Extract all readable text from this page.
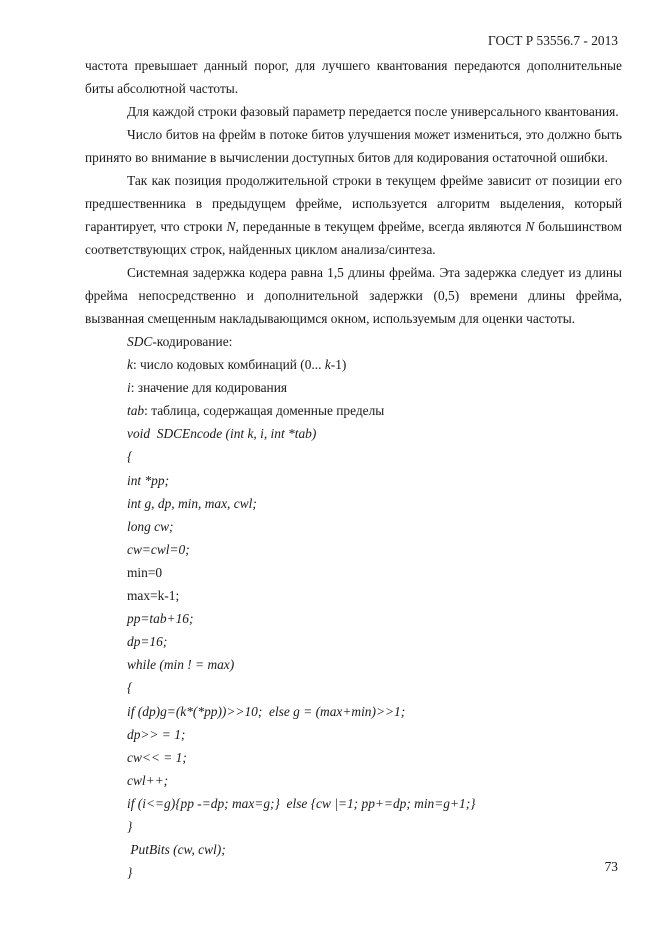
ГОСТ Р 53556.7 - 2013

частота превышает данный порог, для лучшего квантования передаются дополнительные биты абсолютной частоты.

Для каждой строки фазовый параметр передается после универсального квантования.

Число битов на фрейм в потоке битов улучшения может измениться, это должно быть принято во внимание в вычислении доступных битов для кодирования остаточной ошибки.

Так как позиция продолжительной строки в текущем фрейме зависит от позиции его предшественника в предыдущем фрейме, используется алгоритм выделения, который гарантирует, что строки N, переданные в текущем фрейме, всегда являются N большинством соответствующих строк, найденных циклом анализа/синтеза.

Системная задержка кодера равна 1,5 длины фрейма. Эта задержка следует из длины фрейма непосредственно и дополнительной задержки (0,5) времени длины фрейма, вызванная смещенным накладывающимся окном, используемым для оценки частоты.

SDC-кодирование:

k: число кодовых комбинаций (0... k-1)

i: значение для кодирования

tab: таблица, содержащая доменные пределы

void  SDCEncode (int k, i, int *tab)

{

int *pp;

int g, dp, min, max, cwl;

long cw;

cw=cwl=0;

min=0

max=k-1;

pp=tab+16;

dp=16;

while (min ! = max)

{

if (dp)g=(k*(*pp))>>10;  else g = (max+min)>>1;

dp>> = 1;

cw<< = 1;

cwl++;

if (i<=g){pp -=dp; max=g;}  else {cw |=1; pp+=dp; min=g+1;}

}

PutBits (cw, cwl);

}	73
